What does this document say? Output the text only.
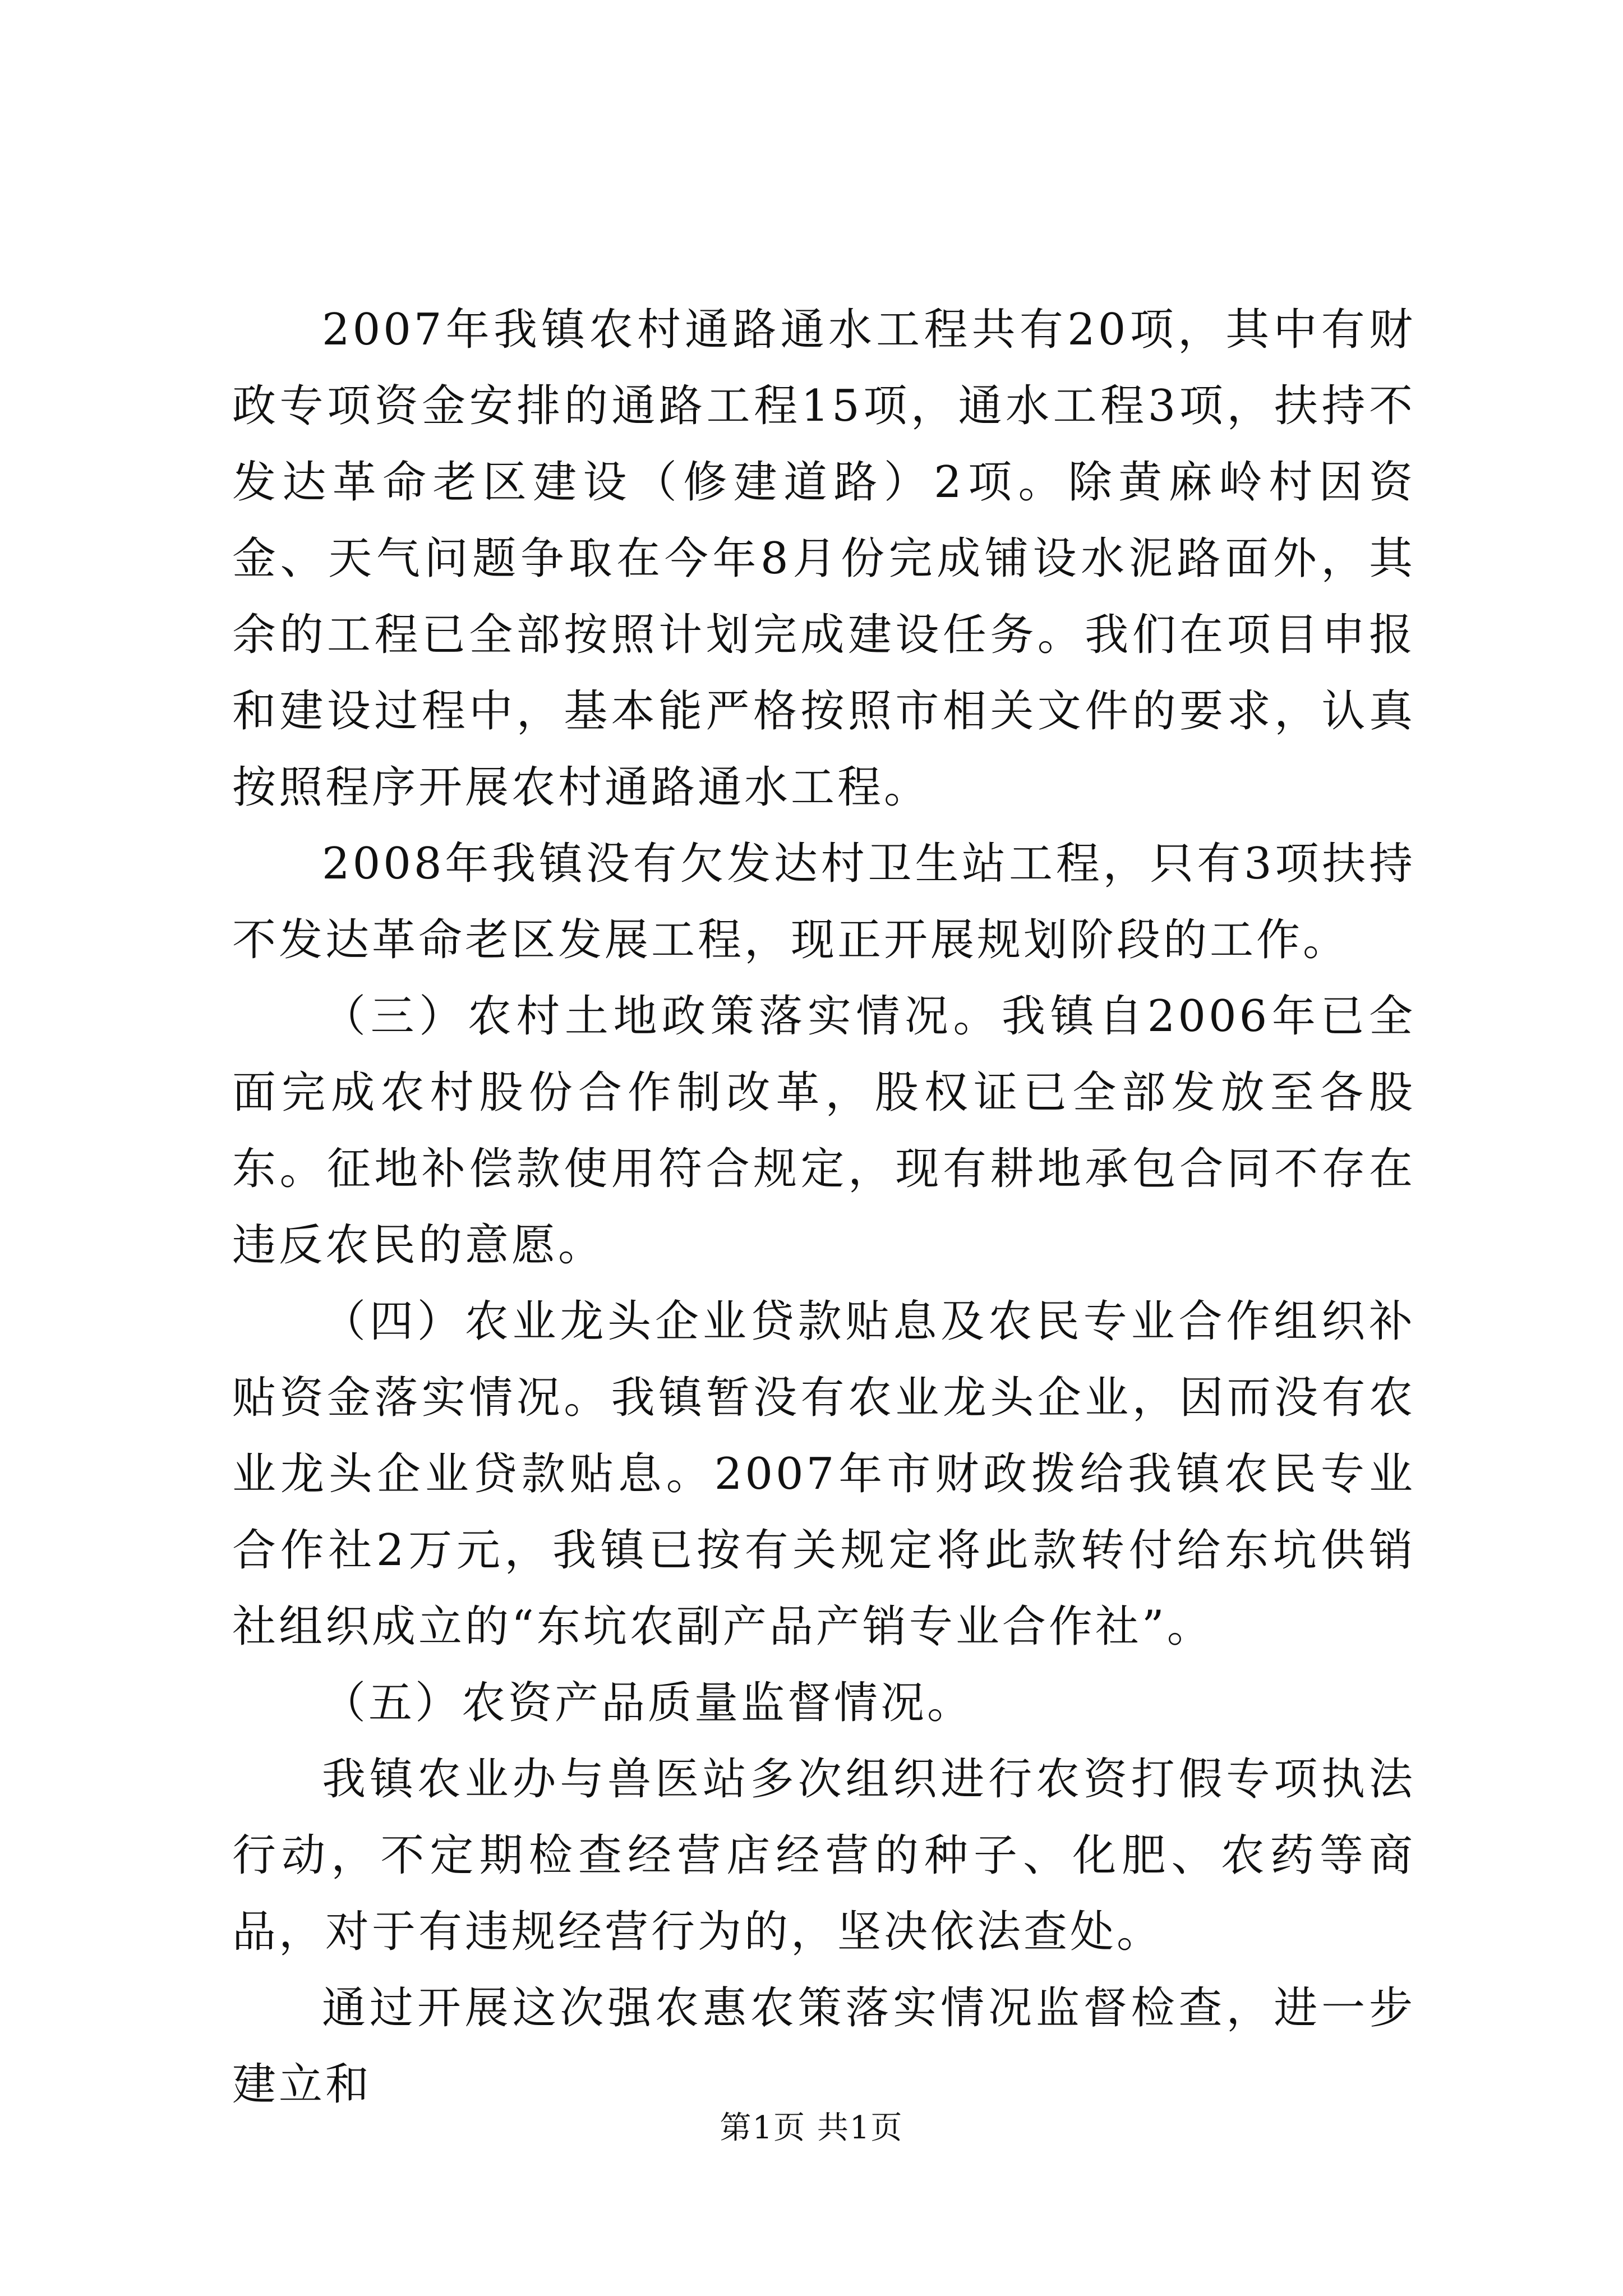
2007年我镇农村通路通水工程共有20项，其中有财政专项资金安排的通路工程15项，通水工程3项，扶持不发达革命老区建设（修建道路）2项。除黄麻岭村因资金、天气问题争取在今年8月份完成铺设水泥路面外，其余的工程已全部按照计划完成建设任务。我们在项目申报和建设过程中，基本能严格按照市相关文件的要求，认真按照程序开展农村通路通水工程。

2008年我镇没有欠发达村卫生站工程，只有3项扶持不发达革命老区发展工程，现正开展规划阶段的工作。

（三）农村土地政策落实情况。我镇自2006年已全面完成农村股份合作制改革，股权证已全部发放至各股东。征地补偿款使用符合规定，现有耕地承包合同不存在违反农民的意愿。

（四）农业龙头企业贷款贴息及农民专业合作组织补贴资金落实情况。我镇暂没有农业龙头企业，因而没有农业龙头企业贷款贴息。2007年市财政拨给我镇农民专业合作社2万元，我镇已按有关规定将此款转付给东坑供销社组织成立的“东坑农副产品产销专业合作社”。

（五）农资产品质量监督情况。

我镇农业办与兽医站多次组织进行农资打假专项执法行动，不定期检查经营店经营的种子、化肥、农药等商品，对于有违规经营行为的，坚决依法查处。

通过开展这次强农惠农策落实情况监督检查，进一步建立和

第1页 共1页
